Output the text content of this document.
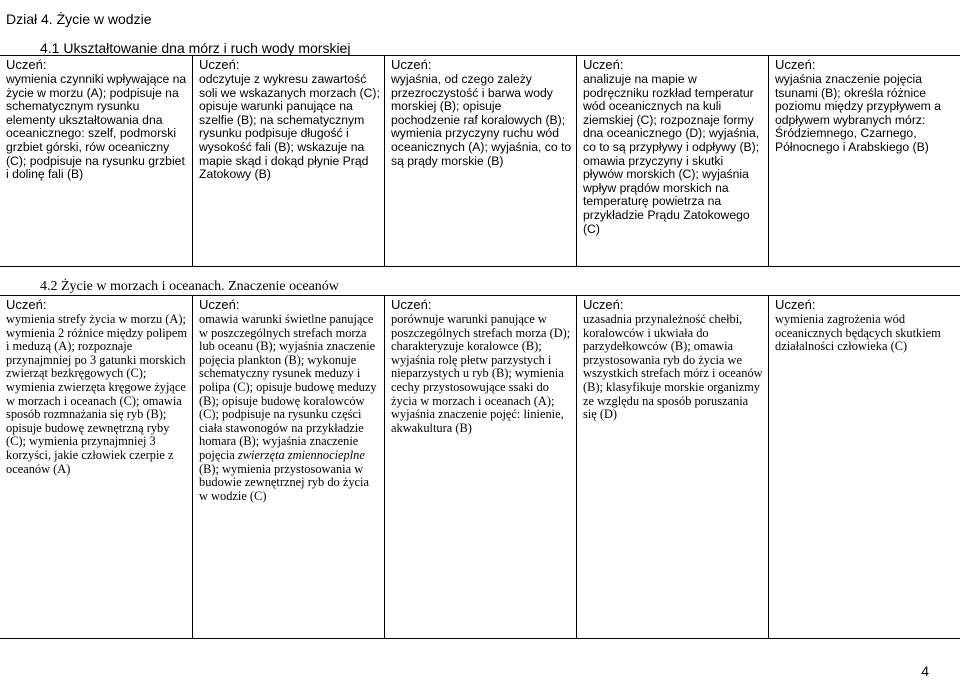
Dział 4. Życie w wodzie
4.1 Ukształtowanie dna mórz i ruch wody morskiej
Uczeń:
wymienia czynniki wpływające na życie w morzu (A); podpisuje na schematycznym rysunku elementy ukształtowania dna oceanicznego: szelf, podmorski grzbiet górski, rów oceaniczny (C); podpisuje na rysunku grzbiet i dolinę fali (B)
Uczeń:
odczytuje z wykresu zawartość soli we wskazanych morzach (C); opisuje warunki panujące na szelfie (B); na schematycznym rysunku podpisuje długość i wysokość fali (B); wskazuje na mapie skąd i dokąd płynie Prąd Zatokowy (B)
Uczeń:
wyjaśnia, od czego zależy przezroczystość i barwa wody morskiej (B); opisuje pochodzenie raf koralowych (B); wymienia przyczyny ruchu wód oceanicznych (A); wyjaśnia, co to są prądy morskie (B)
Uczeń:
analizuje na mapie w podręczniku rozkład temperatur wód oceanicznych na kuli ziemskiej (C); rozpoznaje formy dna oceanicznego (D); wyjaśnia, co to są przypływy i odpływy (B); omawia przyczyny i skutki pływów morskich (C); wyjaśnia wpływ prądów morskich na temperaturę powietrza na przykładzie Prądu Zatokowego (C)
Uczeń:
wyjaśnia znaczenie pojęcia tsunami (B); określa różnice poziomu między przypływem a odpływem wybranych mórz: Śródziemnego, Czarnego, Północnego i Arabskiego (B)
4.2 Życie w morzach i oceanach. Znaczenie oceanów
Uczeń:
wymienia strefy życia w morzu (A); wymienia 2 różnice między polipem i meduzą (A); rozpoznaje przynajmniej po 3 gatunki morskich zwierząt bezkręgowych (C); wymienia zwierzęta kręgowe żyjące w morzach i oceanach (C); omawia sposób rozmnażania się ryb (B); opisuje budowę zewnętrzną ryby (C); wymienia przynajmniej 3 korzyści, jakie człowiek czerpie z oceanów (A)
Uczeń:
omawia warunki świetlne panujące w poszczególnych strefach morza lub oceanu (B); wyjaśnia znaczenie pojęcia plankton (B); wykonuje schematyczny rysunek meduzy i polipa (C); opisuje budowę meduzy (B); opisuje budowę koralowców (C); podpisuje na rysunku części ciała stawonogów na przykładzie homara (B); wyjaśnia znaczenie pojęcia zwierzęta zmiennocieplne (B); wymienia przystosowania w budowie zewnętrznej ryb do życia w wodzie (C)
Uczeń:
porównuje warunki panujące w poszczególnych strefach morza (D); charakteryzuje koralowce (B); wyjaśnia rolę płetw parzystych i nieparzystych u ryb (B); wymienia cechy przystosowujące ssaki do życia w morzach i oceanach (A); wyjaśnia znaczenie pojęć: linienie, akwakultura (B)
Uczeń:
uzasadnia przynależność chełbi, koralowców i ukwiała do parzydełkowców (B); omawia przystosowania ryb do życia we wszystkich strefach mórz i oceanów (B); klasyfikuje morskie organizmy ze względu na sposób poruszania się (D)
Uczeń:
wymienia zagrożenia wód oceanicznych będących skutkiem działalności człowieka (C)
4
